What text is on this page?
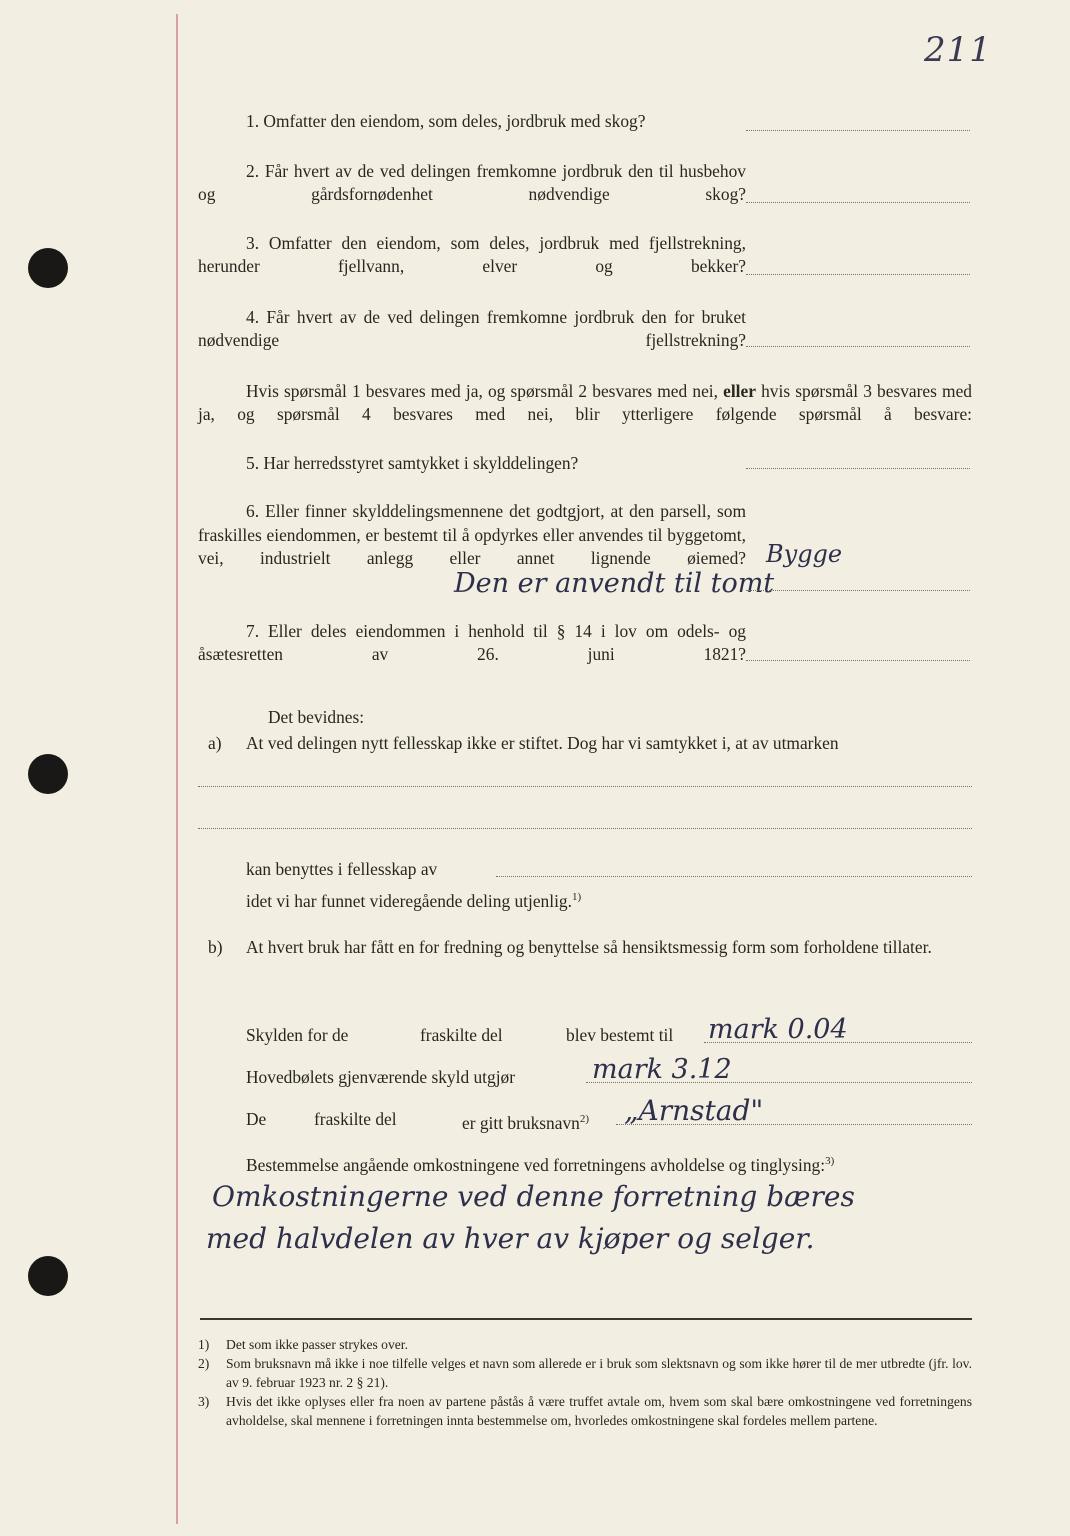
211
1. Omfatter den eiendom, som deles, jordbruk med skog?
2. Får hvert av de ved delingen fremkomne jordbruk den til husbehov og gårdsfornødenhet nødvendige skog?
3. Omfatter den eiendom, som deles, jordbruk med fjellstrekning, herunder fjellvann, elver og bekker?
4. Får hvert av de ved delingen fremkomne jordbruk den for bruket nødvendige fjellstrekning?
Hvis spørsmål 1 besvares med ja, og spørsmål 2 besvares med nei, eller hvis spørsmål 3 besvares med ja, og spørsmål 4 besvares med nei, blir ytterligere følgende spørsmål å besvare:
5. Har herredsstyret samtykket i skylddelingen?
6. Eller finner skylddelingsmennene det godtgjort, at den parsell, som fraskilles eiendommen, er bestemt til å opdyrkes eller anvendes til byggetomt, vei, industrielt anlegg eller annet lignende øiemed? Bygge
Den er anvendt til tomt
7. Eller deles eiendommen i henhold til § 14 i lov om odels- og åsætesretten av 26. juni 1821?
Det bevidnes:
a) At ved delingen nytt fellesskap ikke er stiftet. Dog har vi samtykket i, at av utmarken
kan benyttes i fellesskap av
idet vi har funnet videregående deling utjenlig.$^{1)}$
b) At hvert bruk har fått en for fredning og benyttelse så hensiktsmessig form som forholdene tillater.
Skylden for de	fraskilte del	blev bestemt til mark 0.04
Hovedbølets gjenværende skyld utgjør	mark 3.12
De	fraskilte del	er gitt bruksnavn$^{2)}$ „Arnstad"
Bestemmelse angående omkostningene ved forretningens avholdelse og tinglysing:$^{3)}$
Omkostningerne ved denne forretning bæres
med halvdelen av hver av kjøper og selger.
1) Det som ikke passer strykes over.
2) Som bruksnavn må ikke i noe tilfelle velges et navn som allerede er i bruk som slektsnavn og som ikke hører til de mer utbredte (jfr. lov. av 9. februar 1923 nr. 2 § 21).
3) Hvis det ikke oplyses eller fra noen av partene påstås å være truffet avtale om, hvem som skal bære omkostningene ved forretningens avholdelse, skal mennene i forretningen innta bestemmelse om, hvorledes omkostningene skal fordeles mellem partene.
